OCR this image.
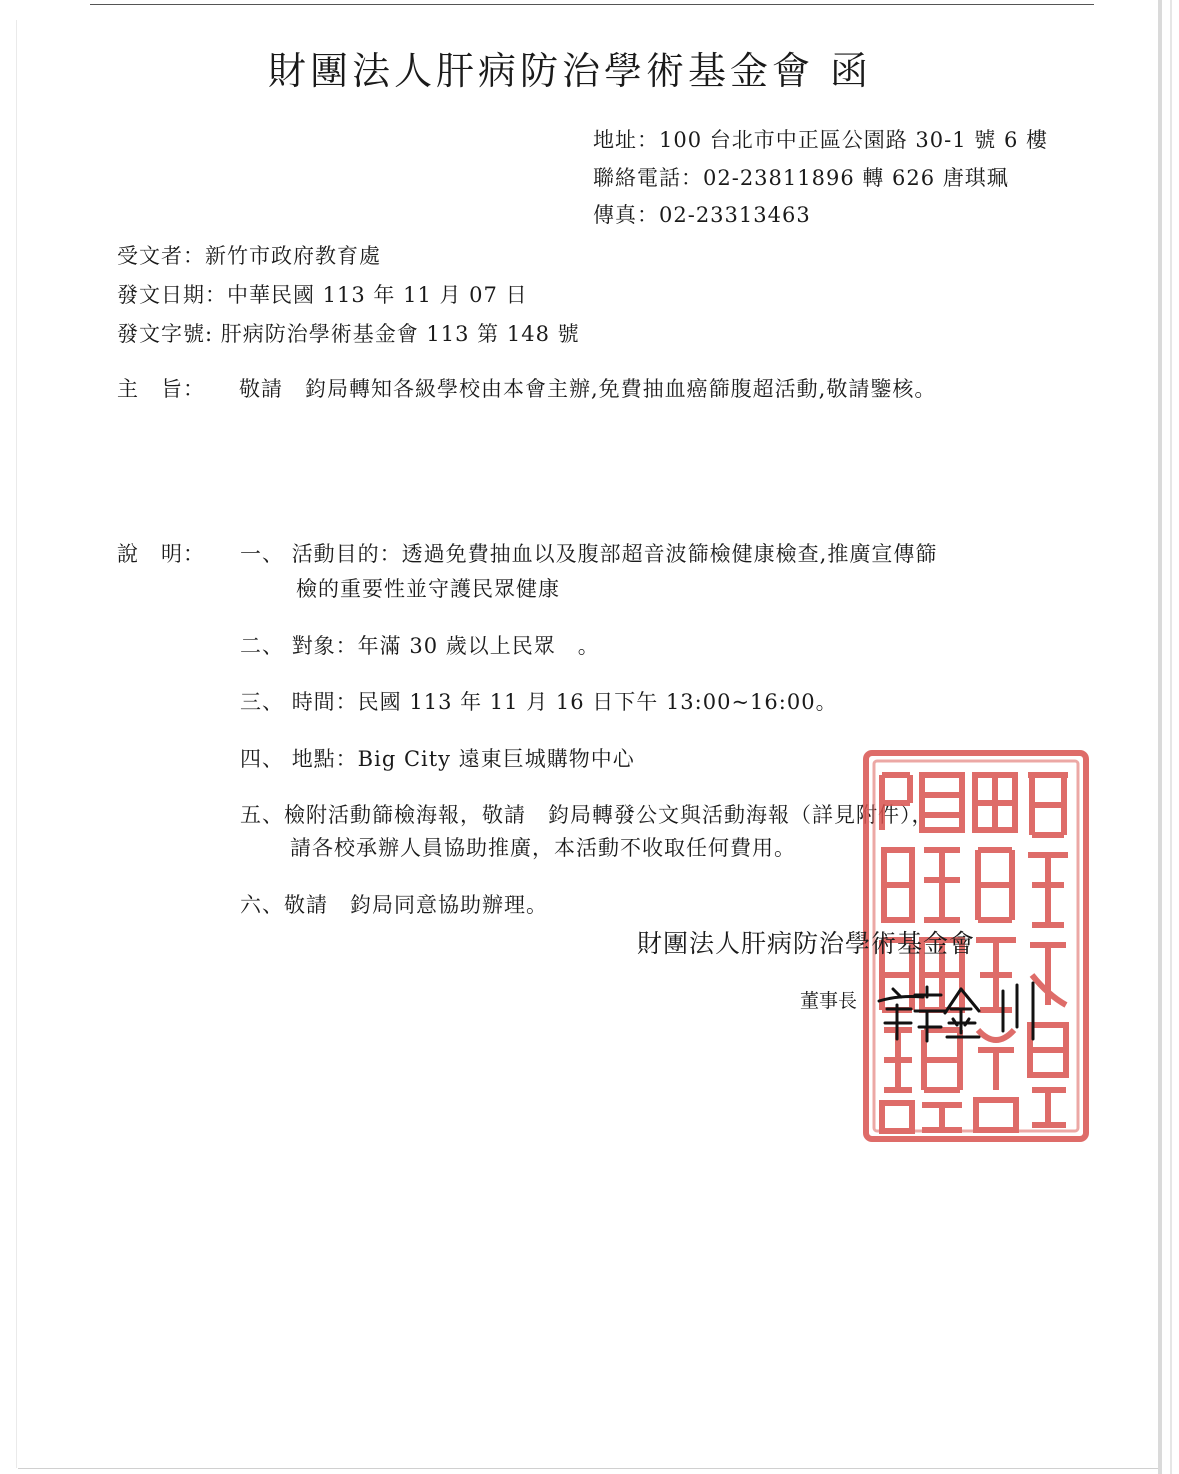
財團法人肝病防治學術基金會 函
地址：100 台北市中正區公園路 30-1 號 6 樓
聯絡電話：02-23811896 轉 626 唐琪珮
傳真：02-23313463
受文者：新竹市政府教育處
發文日期：中華民國 113 年 11 月 07 日
發文字號: 肝病防治學術基金會 113 第 148 號
主　旨： 敬請　鈞局轉知各級學校由本會主辦,免費抽血癌篩腹超活動,敬請鑒核。
說　明： 一、 活動目的：透過免費抽血以及腹部超音波篩檢健康檢查,推廣宣傳篩
檢的重要性並守護民眾健康
二、 對象：年滿 30 歲以上民眾　。
三、 時間：民國 113 年 11 月 16 日下午 13:00~16:00。
四、 地點：Big City 遠東巨城購物中心
五、檢附活動篩檢海報，敬請　鈞局轉發公文與活動海報（詳見附件），
請各校承辦人員協助推廣，本活動不收取任何費用。
六、敬請　鈞局同意協助辦理。
財團法人肝病防治學術基金會
董事長
